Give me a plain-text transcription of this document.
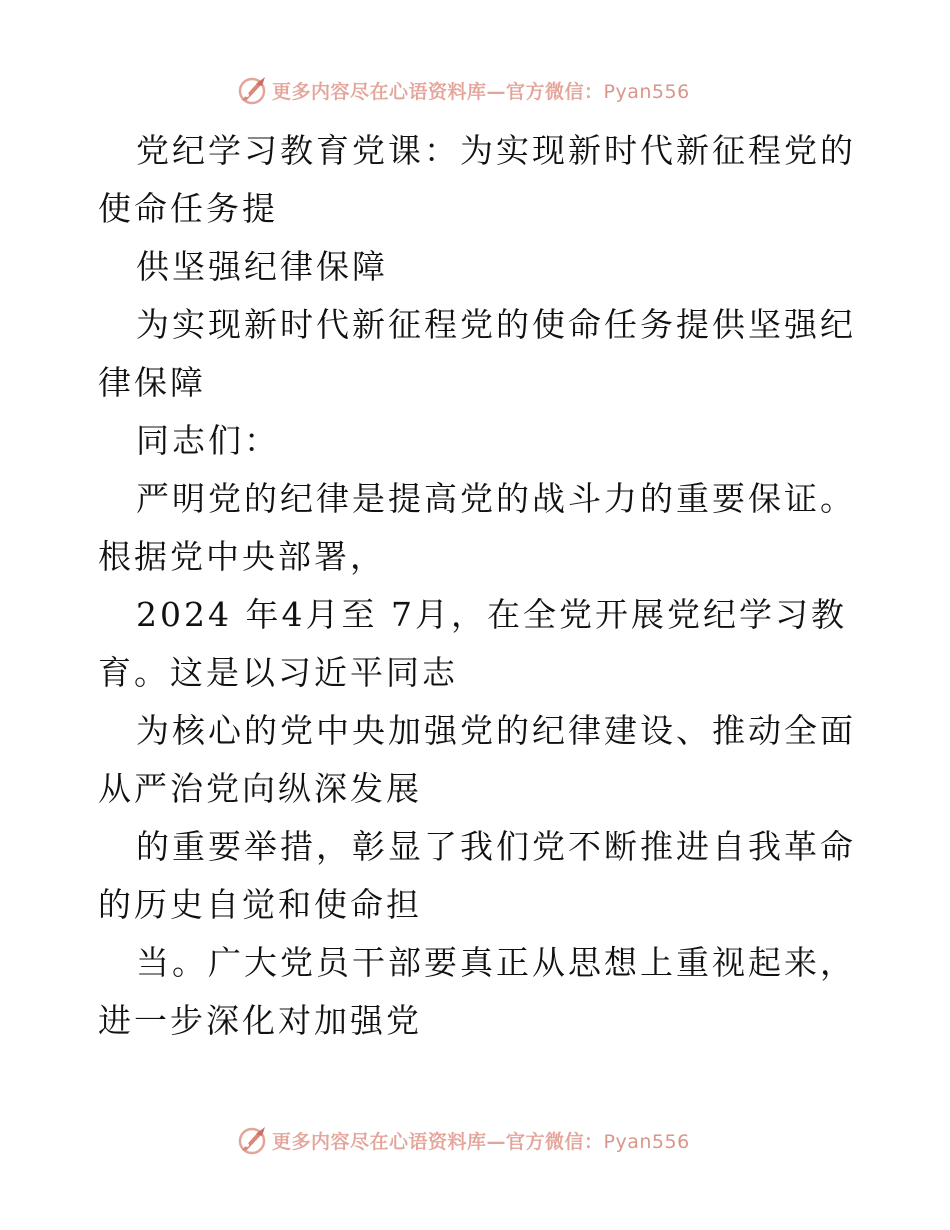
更多内容尽在心语资料库—官方微信：Pyan556

党纪学习教育党课：为实现新时代新征程党的使命任务提

供坚强纪律保障

为实现新时代新征程党的使命任务提供坚强纪律保障

同志们：

严明党的纪律是提高党的战斗力的重要保证。根据党中央部署，

2024 年4月至 7月，在全党开展党纪学习教育。这是以习近平同志

为核心的党中央加强党的纪律建设、推动全面从严治党向纵深发展

的重要举措，彰显了我们党不断推进自我革命的历史自觉和使命担

当。广大党员干部要真正从思想上重视起来，进一步深化对加强党

更多内容尽在心语资料库—官方微信：Pyan556
